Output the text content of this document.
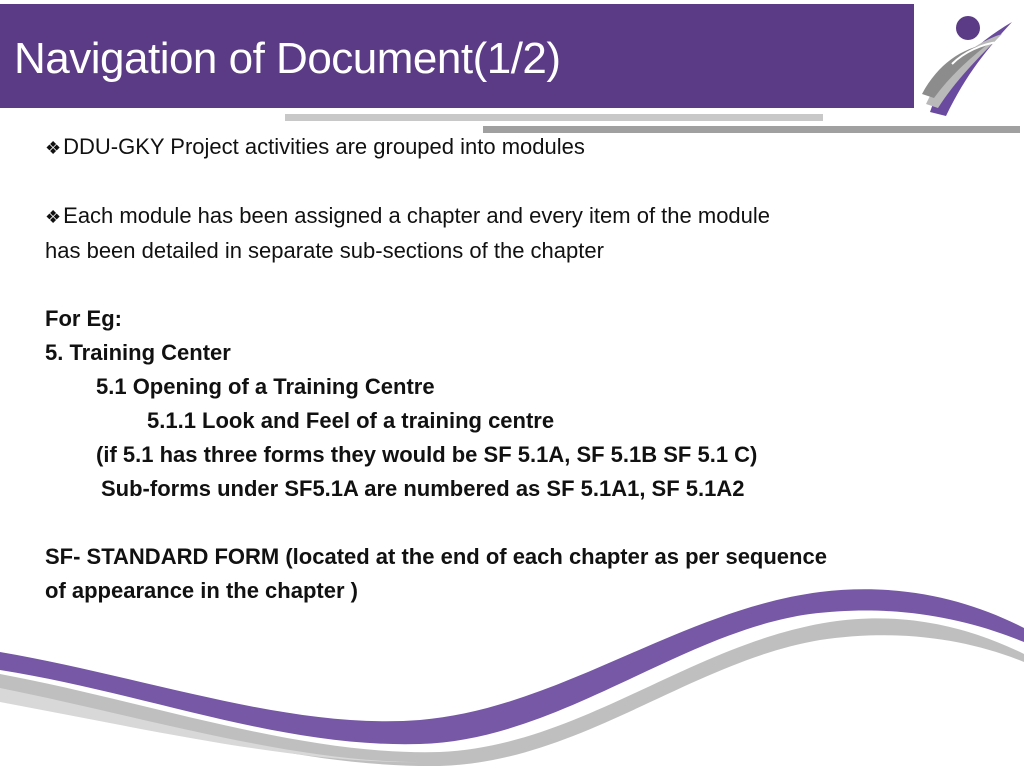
Navigation of Document(1/2)
❖DDU-GKY Project activities are grouped into modules
❖Each module has been assigned a chapter and every item of the module
has been detailed in separate sub-sections of the chapter
For Eg:
5. Training Center
5.1 Opening of a Training Centre
5.1.1 Look and Feel of a training centre
(if 5.1 has three forms they would be SF 5.1A, SF 5.1B SF 5.1 C)
Sub-forms under SF5.1A are numbered as SF 5.1A1, SF 5.1A2
SF- STANDARD FORM (located at the end of each chapter as per sequence
of appearance in the chapter )
